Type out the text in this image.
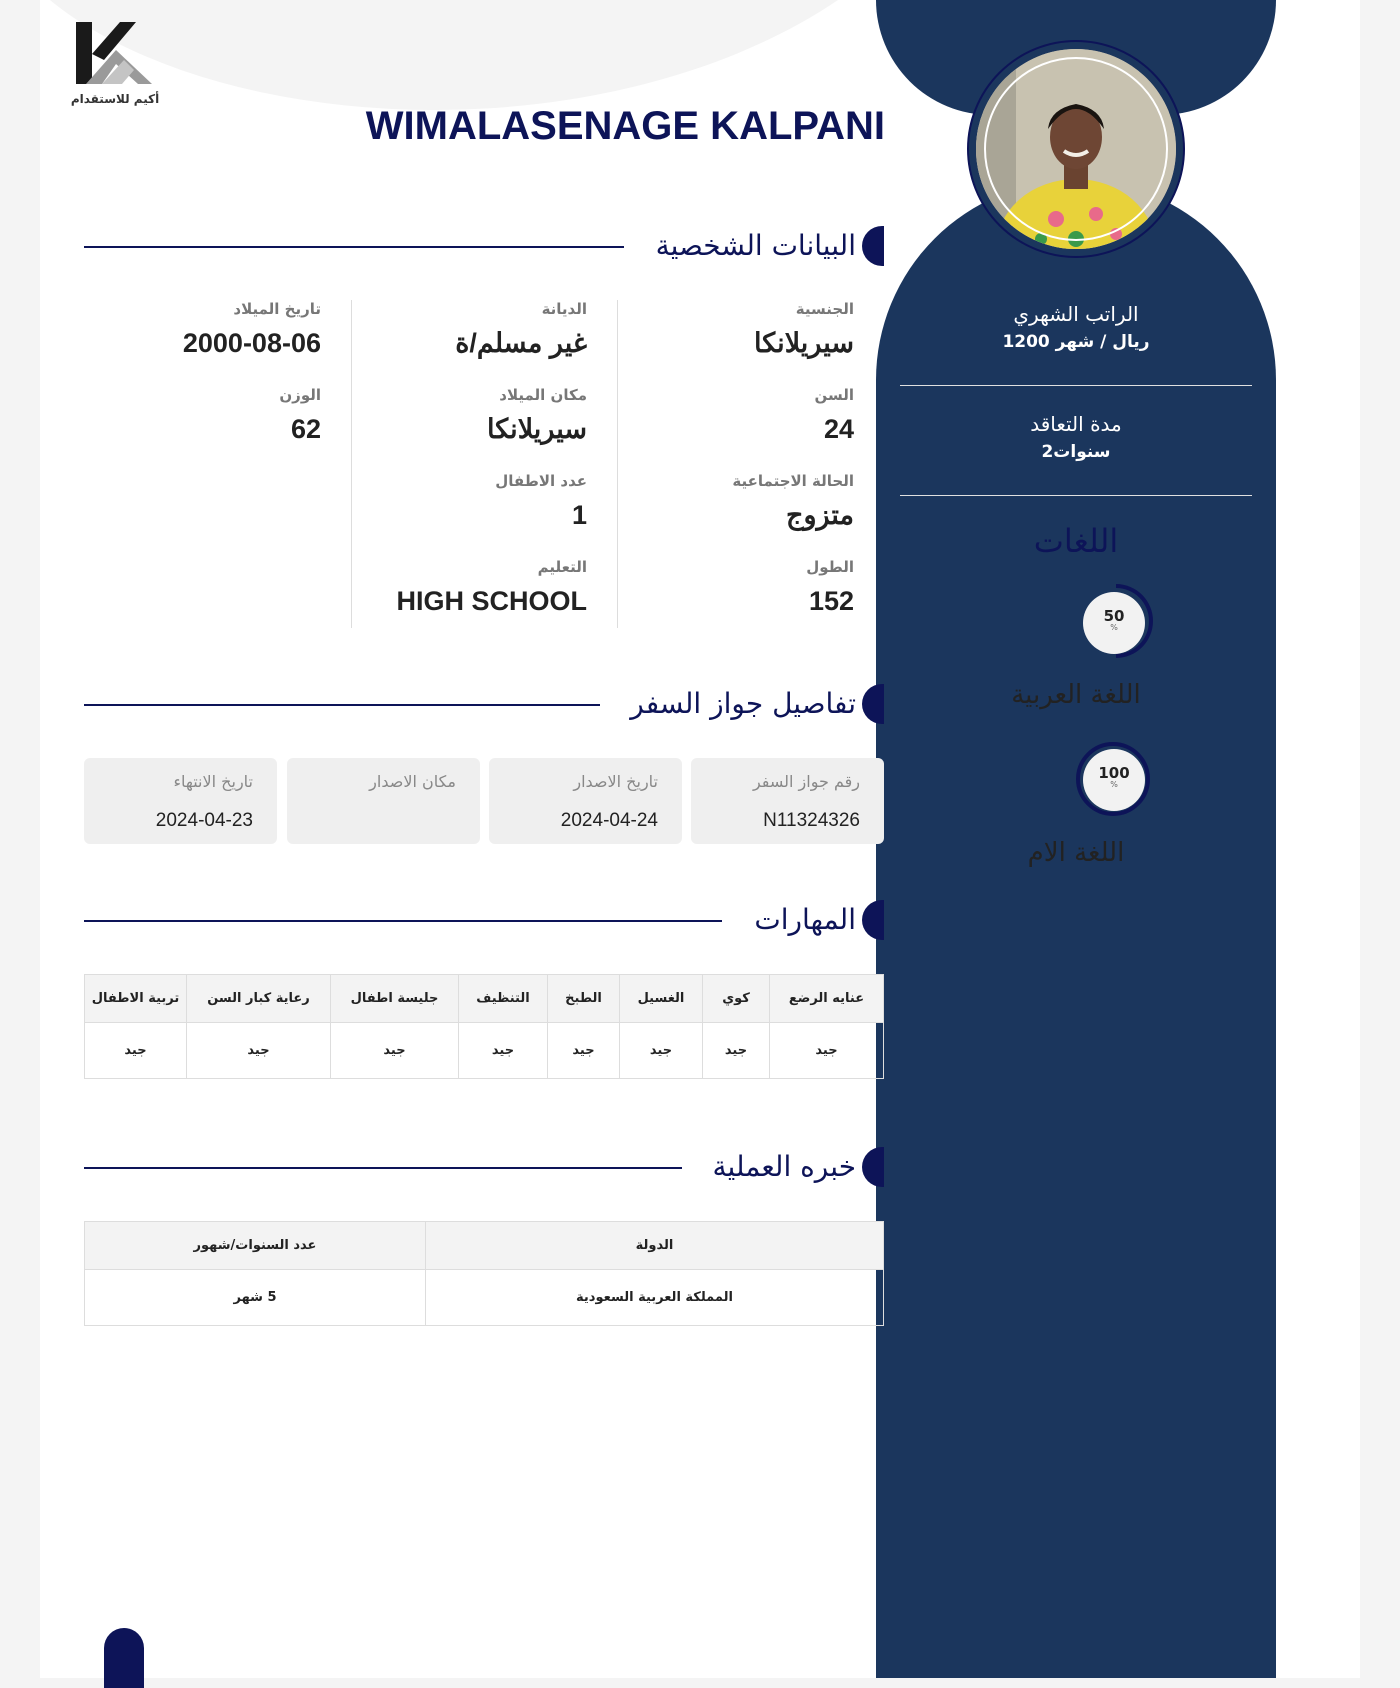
الراتب الشهري
1200 ريال / شهر
مدة التعاقد
2سنوات
اللغات
50
%
اللغة العربية
100
%
اللغة الام
أكيم للاستقدام
WIMALASENAGE KALPANI
البيانات الشخصية
الجنسية
سيريلانكا
السن
24
الحالة الاجتماعية
متزوج
الطول
152
الديانة
غير مسلم/ة
مكان الميلاد
سيريلانكا
عدد الاطفال
1
التعليم
HIGH SCHOOL
تاريخ الميلاد
2000-08-06
الوزن
62
تفاصيل جواز السفر
رقم جواز السفر
N11324326
تاريخ الاصدار
2024-04-24
مكان الاصدار
تاريخ الانتهاء
2024-04-23
المهارات
عنايه الرضع	كوي	الغسيل	الطبخ	التنظيف	جليسة اطفال	رعاية كبار السن	تربية الاطفال
جيد	جيد	جيد	جيد	جيد	جيد	جيد	جيد
خبره العملية
الدولة	عدد السنوات/شهور
المملكة العربية السعودية	5 شهر
